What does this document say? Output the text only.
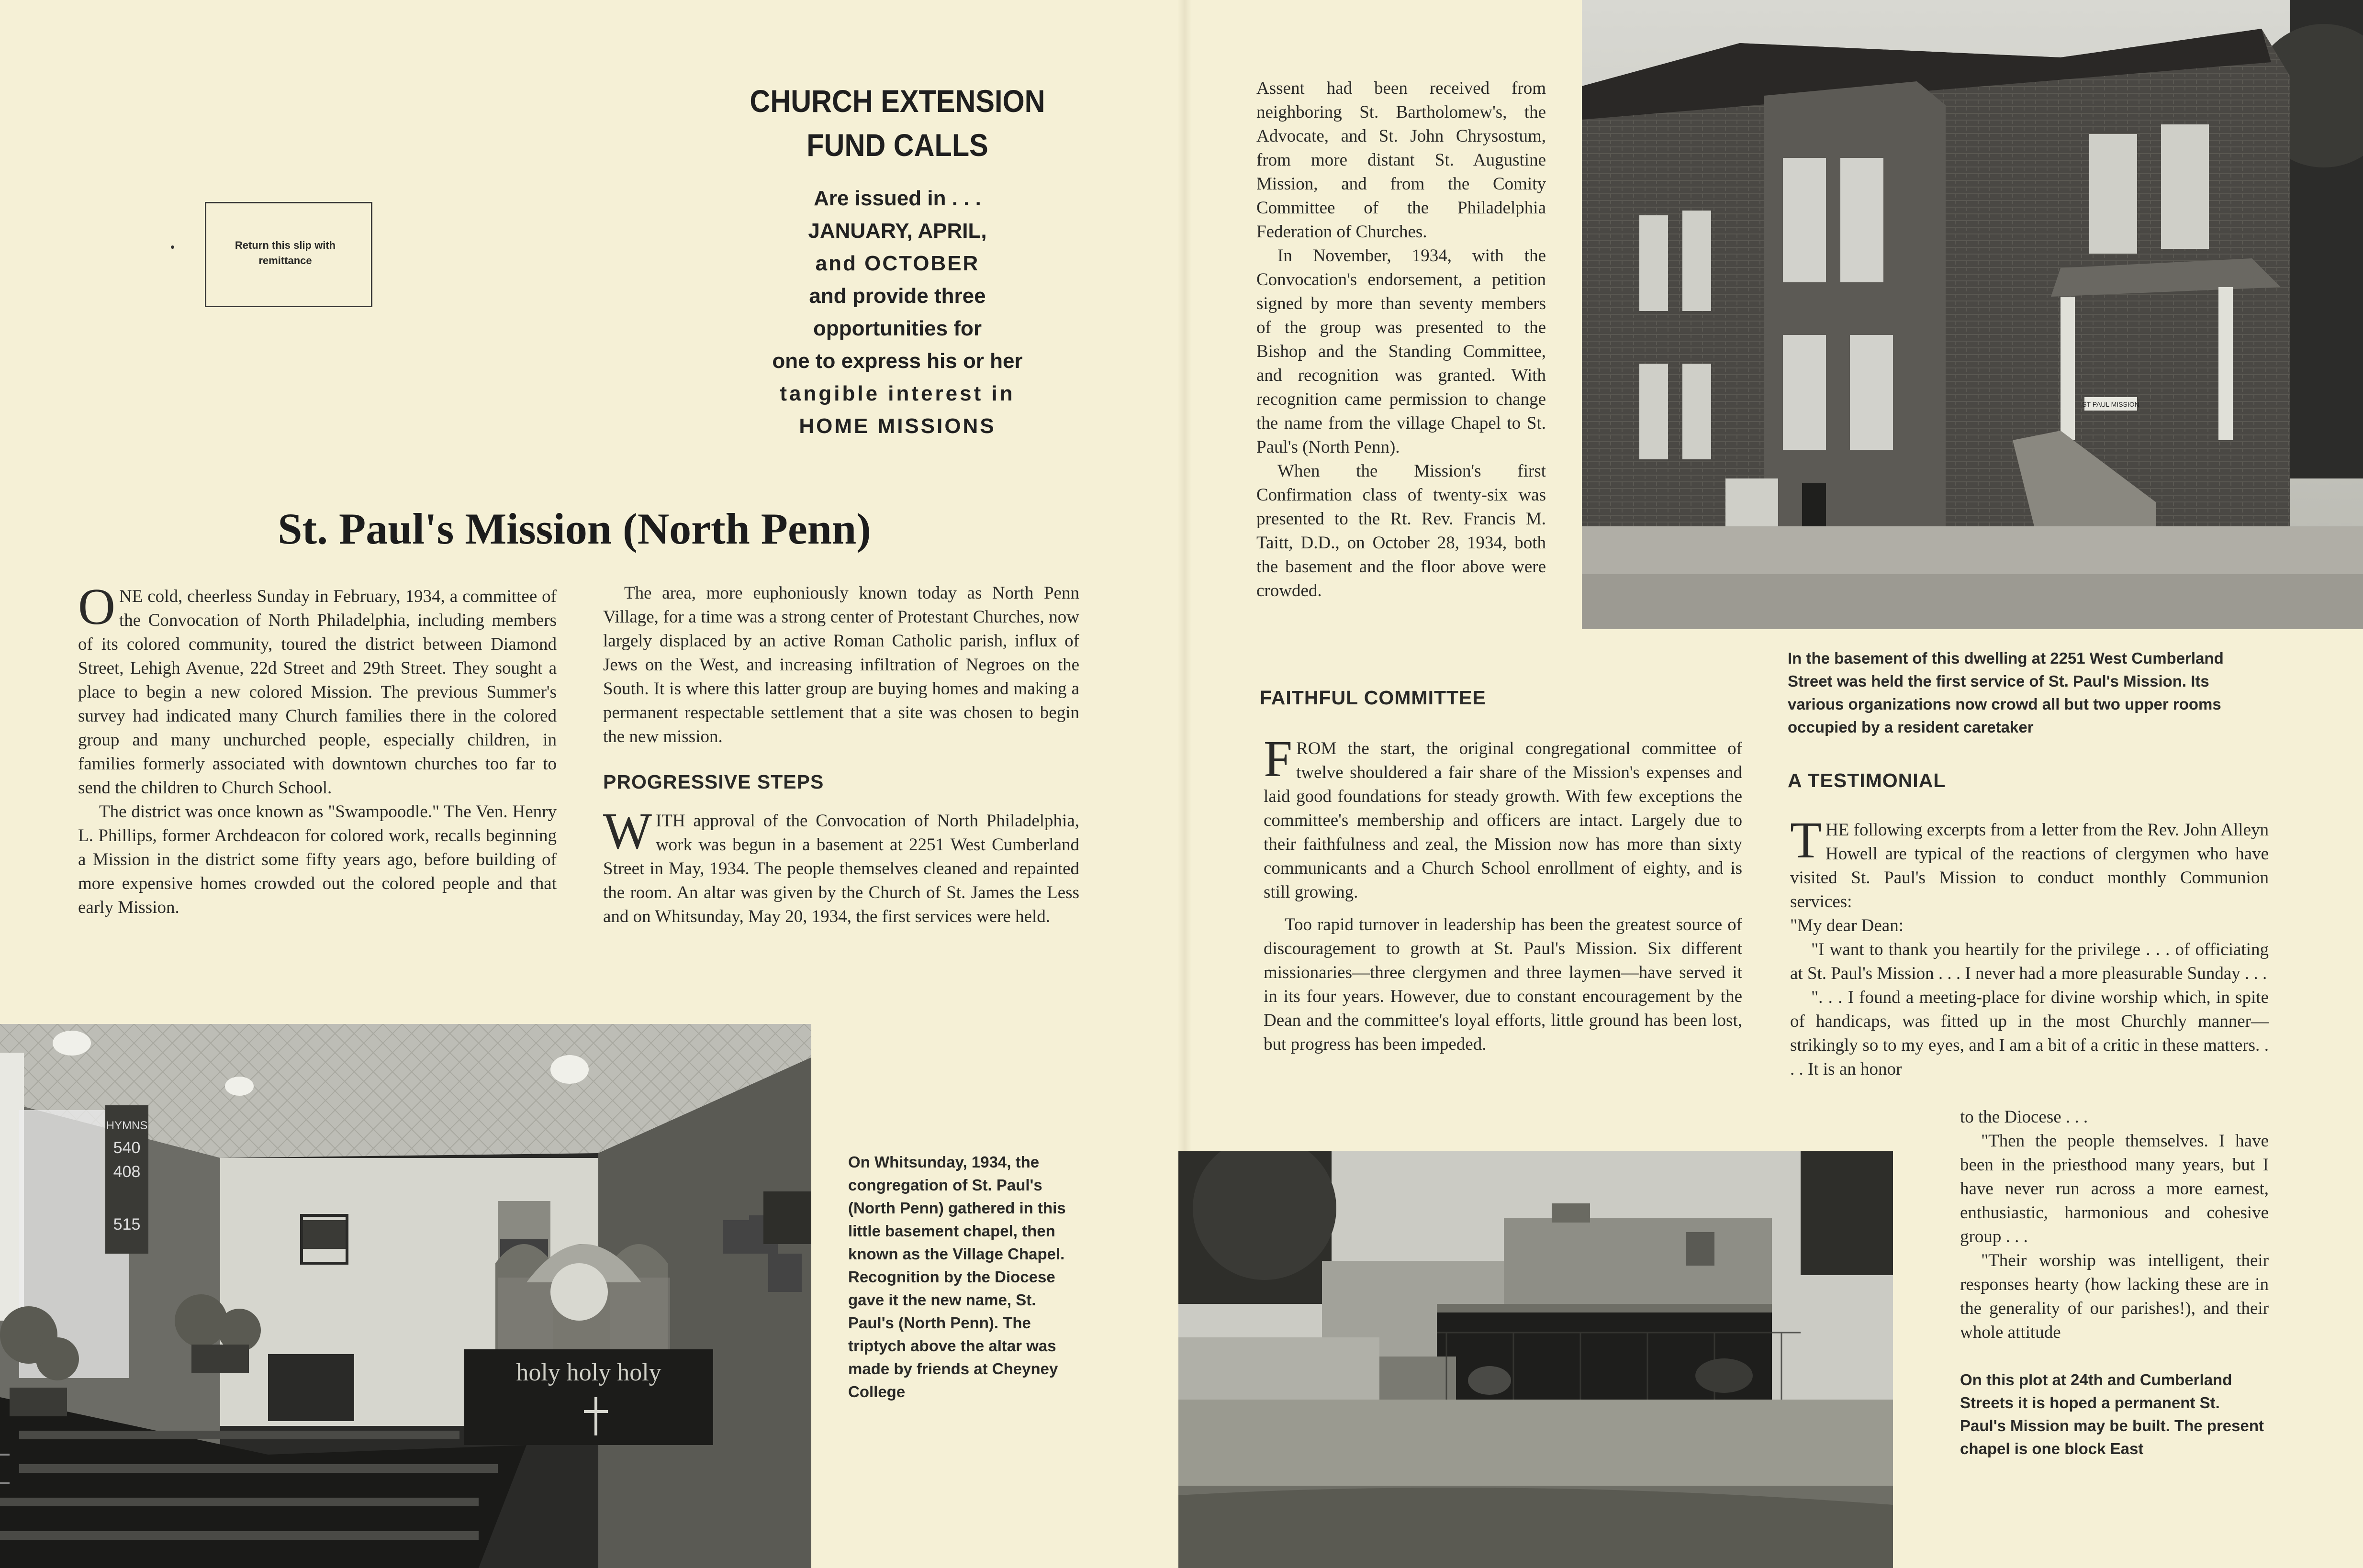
Return this slip with remittance
CHURCH EXTENSION
FUND CALLS
Are issued in . . .
JANUARY, APRIL,
and OCTOBER
and provide three
opportunities for
one to express his or her
tangible interest in
HOME MISSIONS
St. Paul's Mission (North Penn)

ONE cold, cheerless Sunday in February, 1934, a committee of the Convocation of North Philadelphia, including members of its colored community, toured the district between Diamond Street, Lehigh Avenue, 22d Street and 29th Street. They sought a place to begin a new colored Mission. The previous Summer's survey had indicated many Church families there in the colored group and many unchurched people, especially children, in families formerly associated with downtown churches too far to send the children to Church School.

The district was once known as "Swampoodle." The Ven. Henry L. Phillips, former Archdeacon for colored work, recalls beginning a Mission in the district some fifty years ago, before building of more expensive homes crowded out the colored people and that early Mission.

The area, more euphoniously known today as North Penn Village, for a time was a strong center of Protestant Churches, now largely displaced by an active Roman Catholic parish, influx of Jews on the West, and increasing infiltration of Negroes on the South. It is where this latter group are buying homes and making a permanent respectable settlement that a site was chosen to begin the new mission.

PROGRESSIVE STEPS

WITH approval of the Convocation of North Philadelphia, work was begun in a basement at 2251 West Cumberland Street in May, 1934. The people themselves cleaned and repainted the room. An altar was given by the Church of St. James the Less and on Whitsunday, May 20, 1934, the first services were held.

Assent had been received from neighboring St. Bartholomew's, the Advocate, and St. John Chrysostum, from more distant St. Augustine Mission, and from the Comity Committee of the Philadelphia Federation of Churches.

In November, 1934, with the Convocation's endorsement, a petition signed by more than seventy members of the group was presented to the Bishop and the Standing Committee, and recognition was granted. With recognition came permission to change the name from the village Chapel to St. Paul's (North Penn).

When the Mission's first Confirmation class of twenty-six was presented to the Rt. Rev. Francis M. Taitt, D.D., on October 28, 1934, both the basement and the floor above were crowded.

FAITHFUL COMMITTEE

FROM the start, the original congregational committee of twelve shouldered a fair share of the Mission's expenses and laid good foundations for steady growth. With few exceptions the committee's membership and officers are intact. Largely due to their faithfulness and zeal, the Mission now has more than sixty communicants and a Church School enrollment of eighty, and is still growing.

Too rapid turnover in leadership has been the greatest source of discouragement to growth at St. Paul's Mission. Six different missionaries—three clergymen and three laymen—have served it in its four years. However, due to constant encouragement by the Dean and the committee's loyal efforts, little ground has been lost, but progress has been impeded.

A TESTIMONIAL

THE following excerpts from a letter from the Rev. John Alleyn Howell are typical of the reactions of clergymen who have visited St. Paul's Mission to conduct monthly Communion services:

"My dear Dean:

"I want to thank you heartily for the privilege . . . of officiating at St. Paul's Mission . . . I never had a more pleasurable Sunday . . .

". . . I found a meeting-place for divine worship which, in spite of handicaps, was fitted up in the most Churchly manner—strikingly so to my eyes, and I am a bit of a critic in these matters. . . . It is an honor

to the Diocese . . .

"Then the people themselves. I have been in the priesthood many years, but I have never run across a more earnest, enthusiastic, harmonious and cohesive group . . .

"Their worship was intelligent, their responses hearty (how lacking these are in the generality of our parishes!), and their whole attitude

ST PAUL MISSION
In the basement of this dwelling at 2251 West Cumberland Street was held the first service of St. Paul's Mission. Its various organizations now crowd all but two upper rooms occupied by a resident caretaker
HYMNS
540
408
515
holy holy holy
On Whitsunday, 1934, the congregation of St. Paul's (North Penn) gathered in this little basement chapel, then known as the Village Chapel. Recognition by the Diocese gave it the new name, St. Paul's (North Penn). The triptych above the altar was made by friends at Cheyney College
On this plot at 24th and Cumberland Streets it is hoped a permanent St. Paul's Mission may be built. The present chapel is one block East
